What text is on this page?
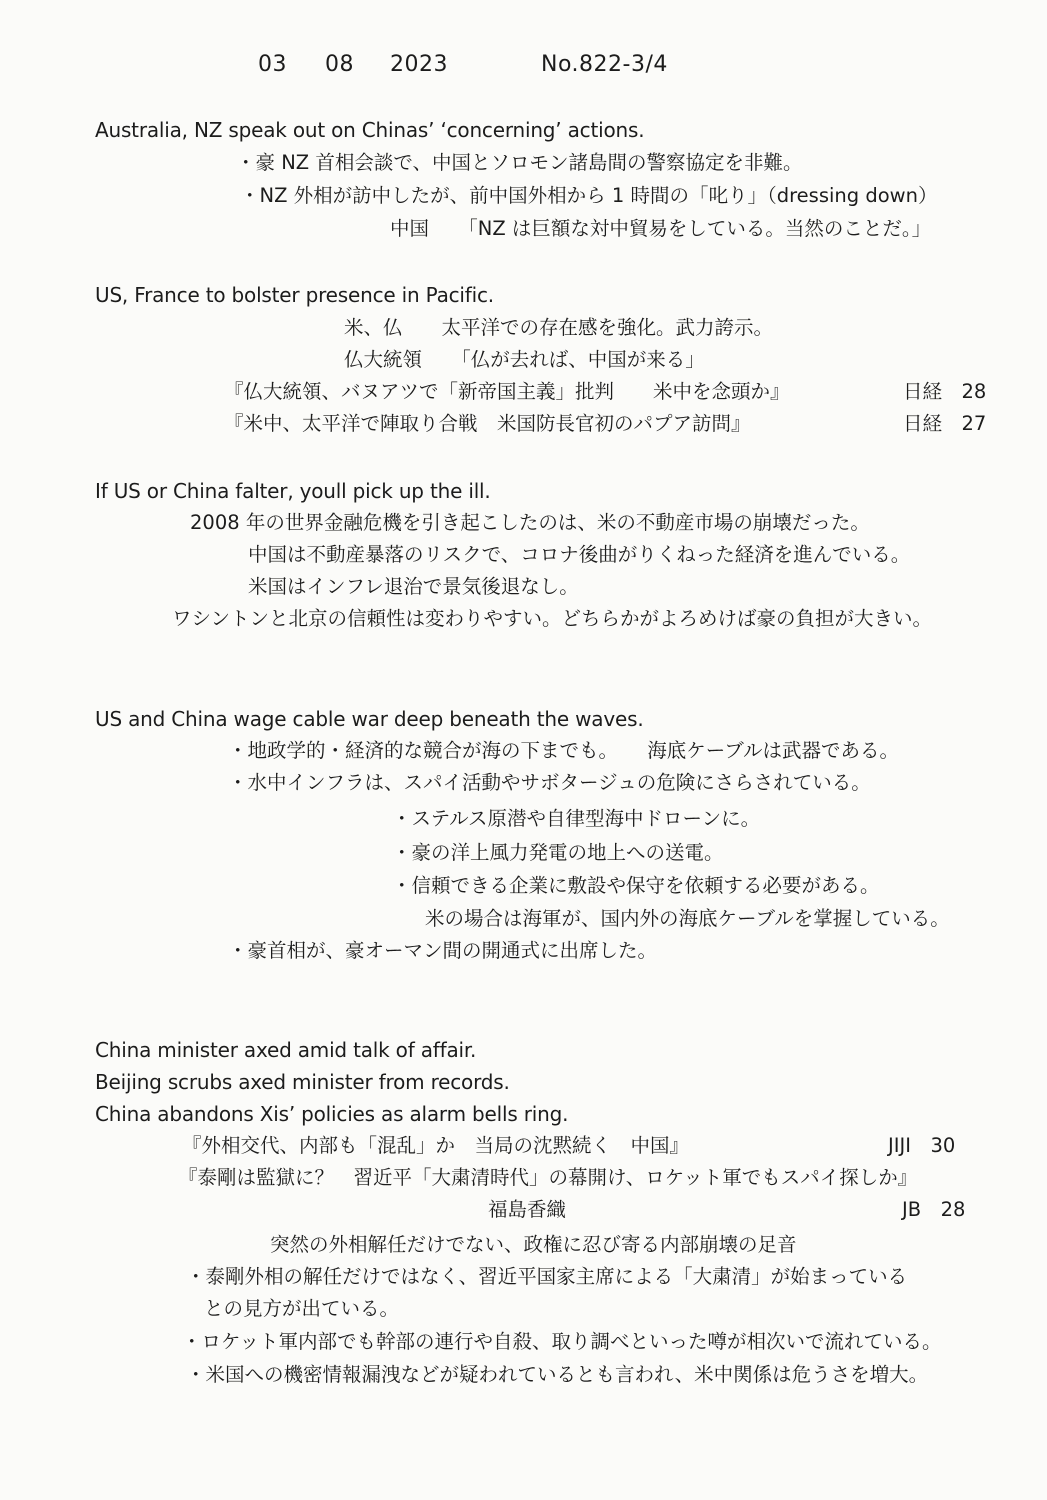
03 08 2023	No.822-3/4
Australia, NZ speak out on Chinas’ ‘concerning’ actions.
・豪 NZ 首相会談で、中国とソロモン諸島間の警察協定を非難。
・NZ 外相が訪中したが、前中国外相から 1 時間の「叱り」（dressing down）
中国　　「NZ は巨額な対中貿易をしている。当然のことだ。」
US, France to bolster presence in Pacific.
米、仏　　太平洋での存在感を強化。武力誇示。
仏大統領　　「仏が去れば、中国が来る」
『仏大統領、バヌアツで「新帝国主義」批判　　米中を念頭か』	日経　28
『米中、太平洋で陣取り合戦　米国防長官初のパプア訪問』	日経　27
If US or China falter, youll pick up the ill.
2008 年の世界金融危機を引き起こしたのは、米の不動産市場の崩壊だった。
中国は不動産暴落のリスクで、コロナ後曲がりくねった経済を進んでいる。
米国はインフレ退治で景気後退なし。
ワシントンと北京の信頼性は変わりやすい。どちらかがよろめけば豪の負担が大きい。
US and China wage cable war deep beneath the waves.
・地政学的・経済的な競合が海の下までも。　　海底ケーブルは武器である。
・水中インフラは、スパイ活動やサボタージュの危険にさらされている。
・ステルス原潜や自律型海中ドローンに。
・豪の洋上風力発電の地上への送電。
・信頼できる企業に敷設や保守を依頼する必要がある。
米の場合は海軍が、国内外の海底ケーブルを掌握している。
・豪首相が、豪オーマン間の開通式に出席した。
China minister axed amid talk of affair.
Beijing scrubs axed minister from records.
China abandons Xis’ policies as alarm bells ring.
『外相交代、内部も「混乱」か　当局の沈黙続く　中国』	JIJI　30
『泰剛は監獄に？　習近平「大粛清時代」の幕開け、ロケット軍でもスパイ探しか』
福島香織	JB　28
突然の外相解任だけでない、政権に忍び寄る内部崩壊の足音
・泰剛外相の解任だけではなく、習近平国家主席による「大粛清」が始まっている
との見方が出ている。
・ロケット軍内部でも幹部の連行や自殺、取り調べといった噂が相次いで流れている。
・米国への機密情報漏洩などが疑われているとも言われ、米中関係は危うさを増大。
